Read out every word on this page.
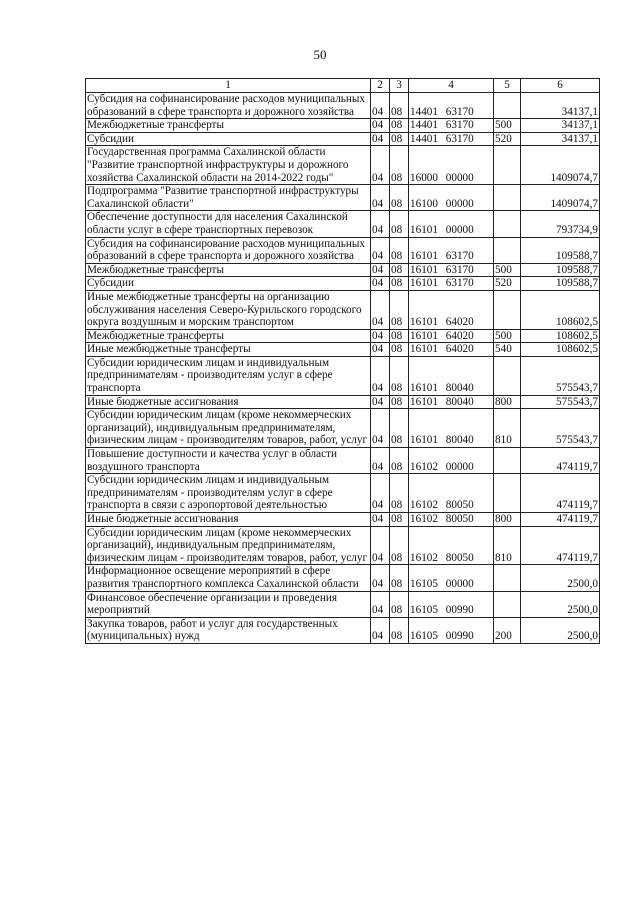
50
1	2	3	4	5	6
Субсидия на софинансирование расходов муниципальных образований в сфере транспорта и дорожного хозяйства	04	08	14401 63170		34137,1
Межбюджетные трансферты	04	08	14401 63170	500	34137,1
Субсидии	04	08	14401 63170	520	34137,1
Государственная программа Сахалинской области "Развитие транспортной инфраструктуры и дорожного хозяйства Сахалинской области на 2014-2022 годы"	04	08	16000 00000		1409074,7
Подпрограмма "Развитие транспортной инфраструктуры Сахалинской области"	04	08	16100 00000		1409074,7
Обеспечение доступности для населения Сахалинской области услуг в сфере транспортных перевозок	04	08	16101 00000		793734,9
Субсидия на софинансирование расходов муниципальных образований в сфере транспорта и дорожного хозяйства	04	08	16101 63170		109588,7
Межбюджетные трансферты	04	08	16101 63170	500	109588,7
Субсидии	04	08	16101 63170	520	109588,7
Иные межбюджетные трансферты на организацию обслуживания населения Северо-Курильского городского округа воздушным и морским транспортом	04	08	16101 64020		108602,5
Межбюджетные трансферты	04	08	16101 64020	500	108602,5
Иные межбюджетные трансферты	04	08	16101 64020	540	108602,5
Субсидии юридическим лицам и индивидуальным предпринимателям - производителям услуг в сфере транспорта	04	08	16101 80040		575543,7
Иные бюджетные ассигнования	04	08	16101 80040	800	575543,7
Субсидии юридическим лицам (кроме некоммерческих организаций), индивидуальным предпринимателям, физическим лицам - производителям товаров, работ, услуг	04	08	16101 80040	810	575543,7
Повышение доступности и качества услуг в области воздушного транспорта	04	08	16102 00000		474119,7
Субсидии юридическим лицам и индивидуальным предпринимателям - производителям услуг в сфере транспорта в связи с аэропортовой деятельностью	04	08	16102 80050		474119,7
Иные бюджетные ассигнования	04	08	16102 80050	800	474119,7
Субсидии юридическим лицам (кроме некоммерческих организаций), индивидуальным предпринимателям, физическим лицам - производителям товаров, работ, услуг	04	08	16102 80050	810	474119,7
Информационное освещение мероприятий в сфере развития транспортного комплекса Сахалинской области	04	08	16105 00000		2500,0
Финансовое обеспечение организации и проведения мероприятий	04	08	16105 00990		2500,0
Закупка товаров, работ и услуг для государственных (муниципальных) нужд	04	08	16105 00990	200	2500,0
